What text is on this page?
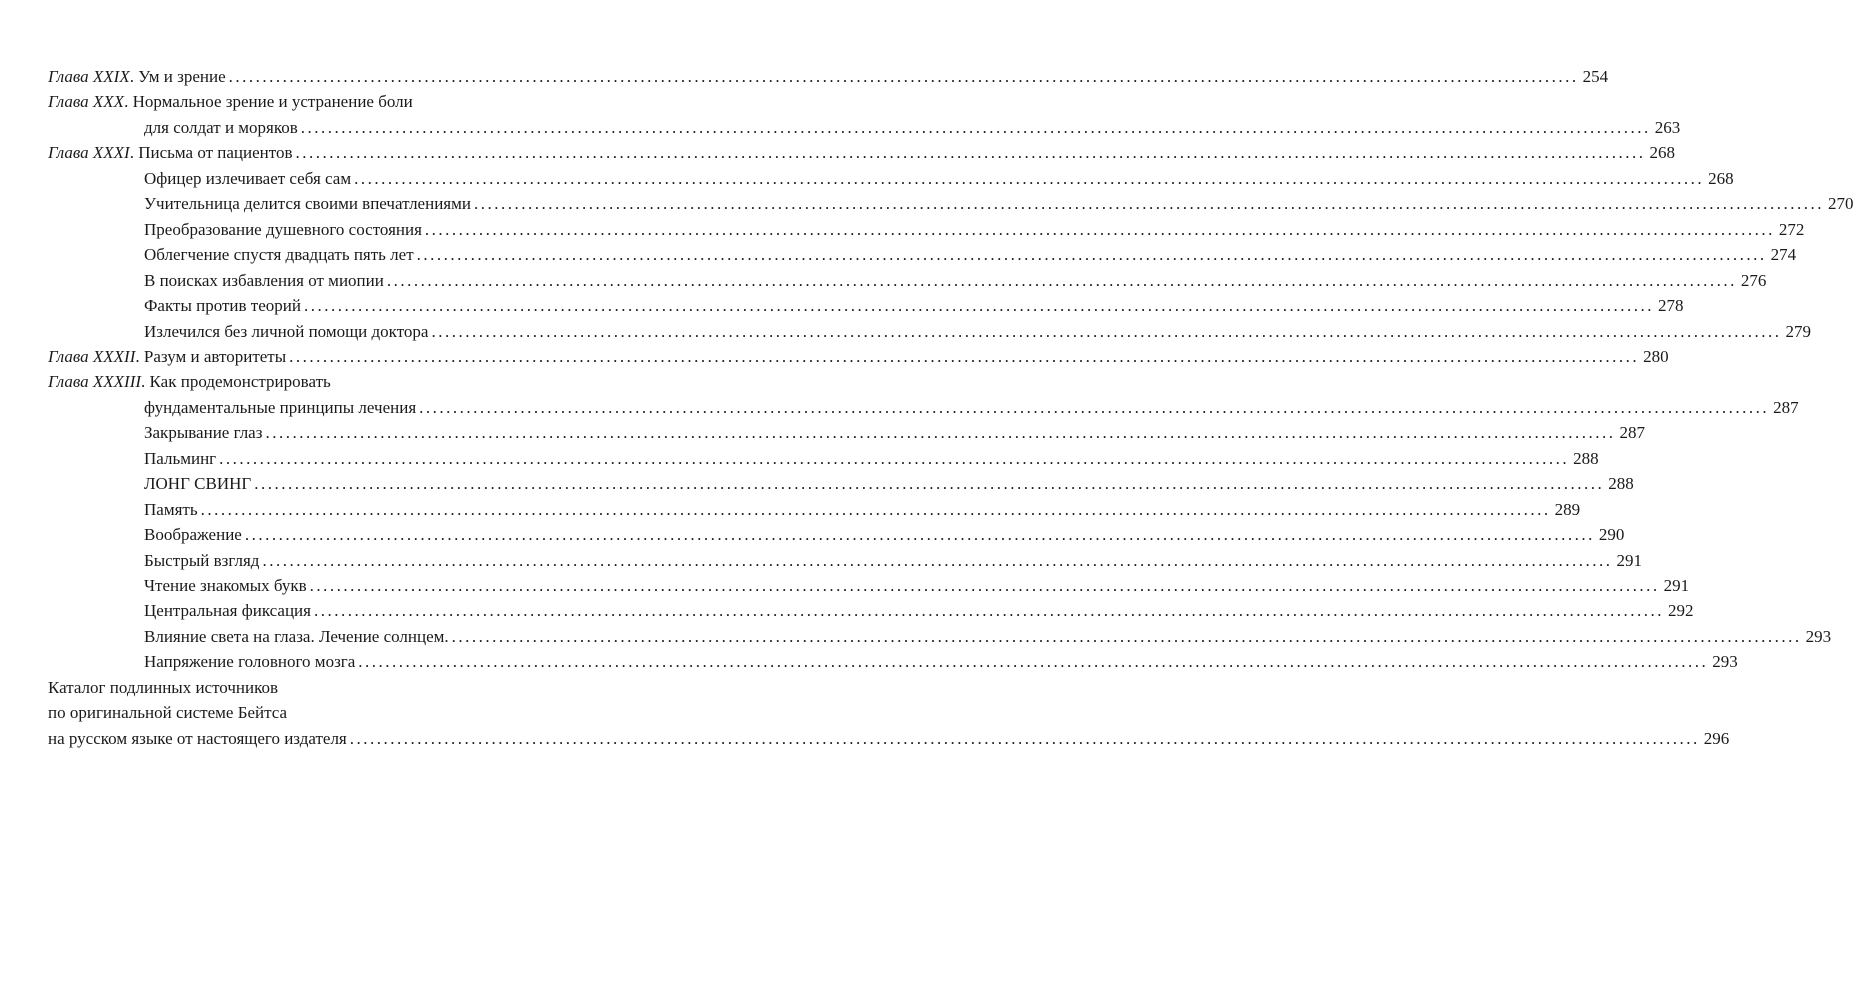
Глава XXIX. Ум и зрение ........................................................................................................................................................................................................ 254
Глава XXX. Нормальное зрение и устранение боли
для солдат и моряков ........................................................................................................................................................................................................ 263
Глава XXXI. Письма от пациентов ........................................................................................................................................................................................................ 268
Офицер излечивает себя сам ........................................................................................................................................................................................................ 268
Учительница делится своими впечатлениями ........................................................................................................................................................................................................ 270
Преобразование душевного состояния ........................................................................................................................................................................................................ 272
Облегчение спустя двадцать пять лет ........................................................................................................................................................................................................ 274
В поисках избавления от миопии ........................................................................................................................................................................................................ 276
Факты против теорий ........................................................................................................................................................................................................ 278
Излечился без личной помощи доктора ........................................................................................................................................................................................................ 279
Глава XXXII. Разум и авторитеты ........................................................................................................................................................................................................ 280
Глава XXXIII. Как продемонстрировать
фундаментальные принципы лечения ........................................................................................................................................................................................................ 287
Закрывание глаз ........................................................................................................................................................................................................ 287
Пальминг ........................................................................................................................................................................................................ 288
ЛОНГ СВИНГ ........................................................................................................................................................................................................ 288
Память ........................................................................................................................................................................................................ 289
Воображение ........................................................................................................................................................................................................ 290
Быстрый взгляд ........................................................................................................................................................................................................ 291
Чтение знакомых букв ........................................................................................................................................................................................................ 291
Центральная фиксация ........................................................................................................................................................................................................ 292
Влияние света на глаза. Лечение солнцем. ........................................................................................................................................................................................................ 293
Напряжение головного мозга ........................................................................................................................................................................................................ 293
Каталог подлинных источников
по оригинальной системе Бейтса
на русском языке от настоящего издателя ........................................................................................................................................................................................................ 296
